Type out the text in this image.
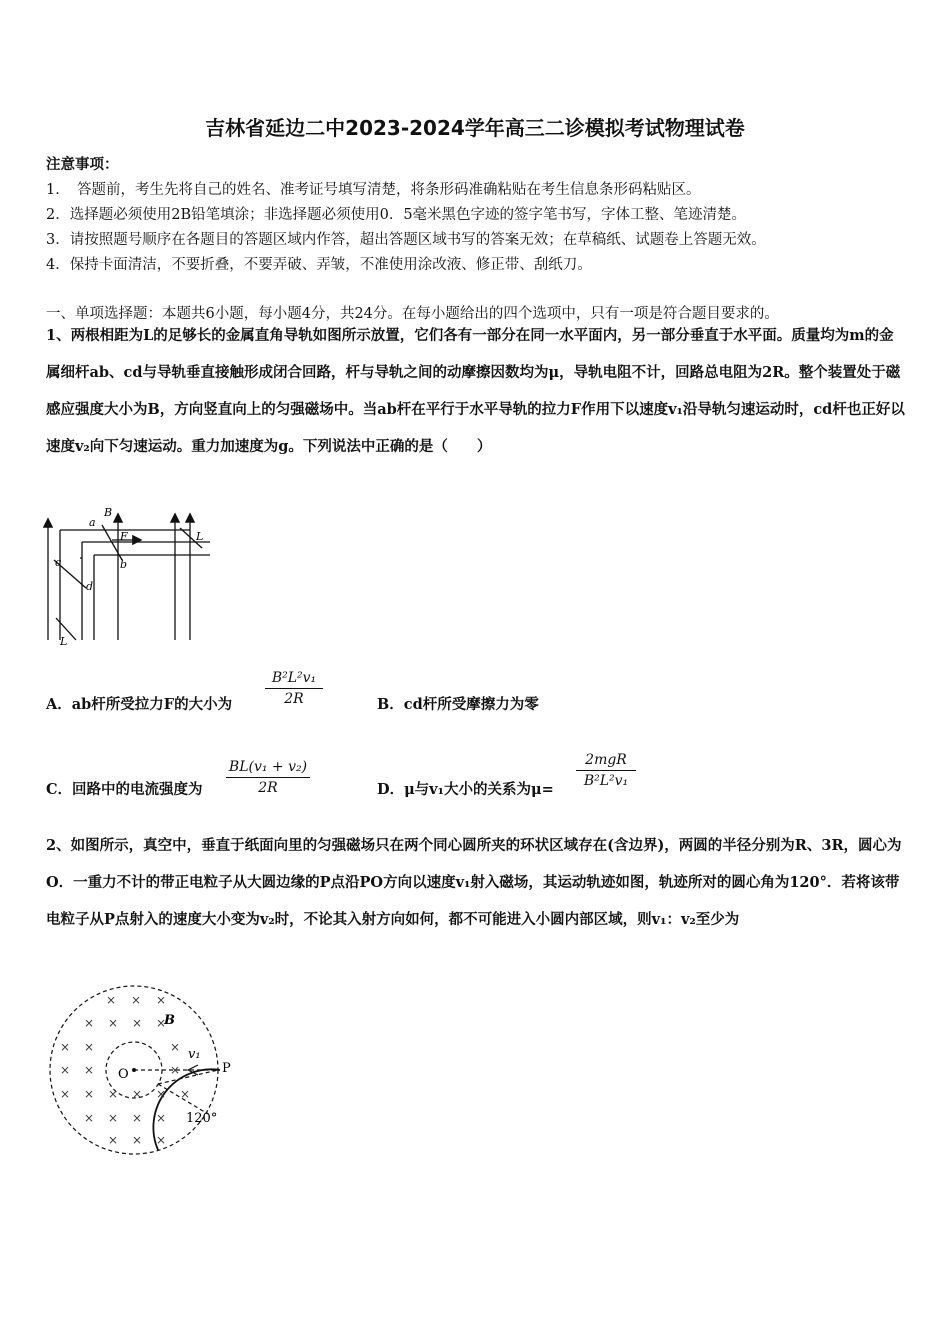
吉林省延边二中2023-2024学年高三二诊模拟考试物理试卷
注意事项：
1．　答题前，考生先将自己的姓名、准考证号填写清楚，将条形码准确粘贴在考生信息条形码粘贴区。
2．选择题必须使用2B铅笔填涂；非选择题必须使用0．5毫米黑色字迹的签字笔书写，字体工整、笔迹清楚。
3．请按照题号顺序在各题目的答题区域内作答，超出答题区域书写的答案无效；在草稿纸、试题卷上答题无效。
4．保持卡面清洁，不要折叠，不要弄破、弄皱，不准使用涂改液、修正带、刮纸刀。
一、单项选择题：本题共6小题，每小题4分，共24分。在每小题给出的四个选项中，只有一项是符合题目要求的。
1、两根相距为L的足够长的金属直角导轨如图所示放置，它们各有一部分在同一水平面内，另一部分垂直于水平面。质量均为m的金属细杆ab、cd与导轨垂直接触形成闭合回路，杆与导轨之间的动摩擦因数均为μ，导轨电阻不计，回路总电阻为2R。整个装置处于磁感应强度大小为B，方向竖直向上的匀强磁场中。当ab杆在平行于水平导轨的拉力F作用下以速度v₁沿导轨匀速运动时，cd杆也正好以速度v₂向下匀速运动。重力加速度为g。下列说法中正确的是（　　）
B
a
F
b
c
d
L
L
A．ab杆所受拉力F的大小为 $\frac{\text{B²L²v₁}}{2R}$	B．cd杆所受摩擦力为零
C．回路中的电流强度为 $\frac{\text{BL(v₁ + v₂)}}{2R}$	D．μ与v₁大小的关系为μ=
2mgR
B²L²v₁
2、如图所示，真空中，垂直于纸面向里的匀强磁场只在两个同心圆所夹的环状区域存在(含边界)，两圆的半径分别为R、3R，圆心为O．一重力不计的带正电粒子从大圆边缘的P点沿PO方向以速度v₁射入磁场，其运动轨迹如图，轨迹所对的圆心角为120°．若将该带电粒子从P点射入的速度大小变为v₂时，不论其入射方向如何，都不可能进入小圆内部区域，则v₁：v₂至少为
× × ×
× × × ×
× ×	×
× ×	×
× × × × × ×
× × × ×
× × ×
B
O	P
v₁
120°
